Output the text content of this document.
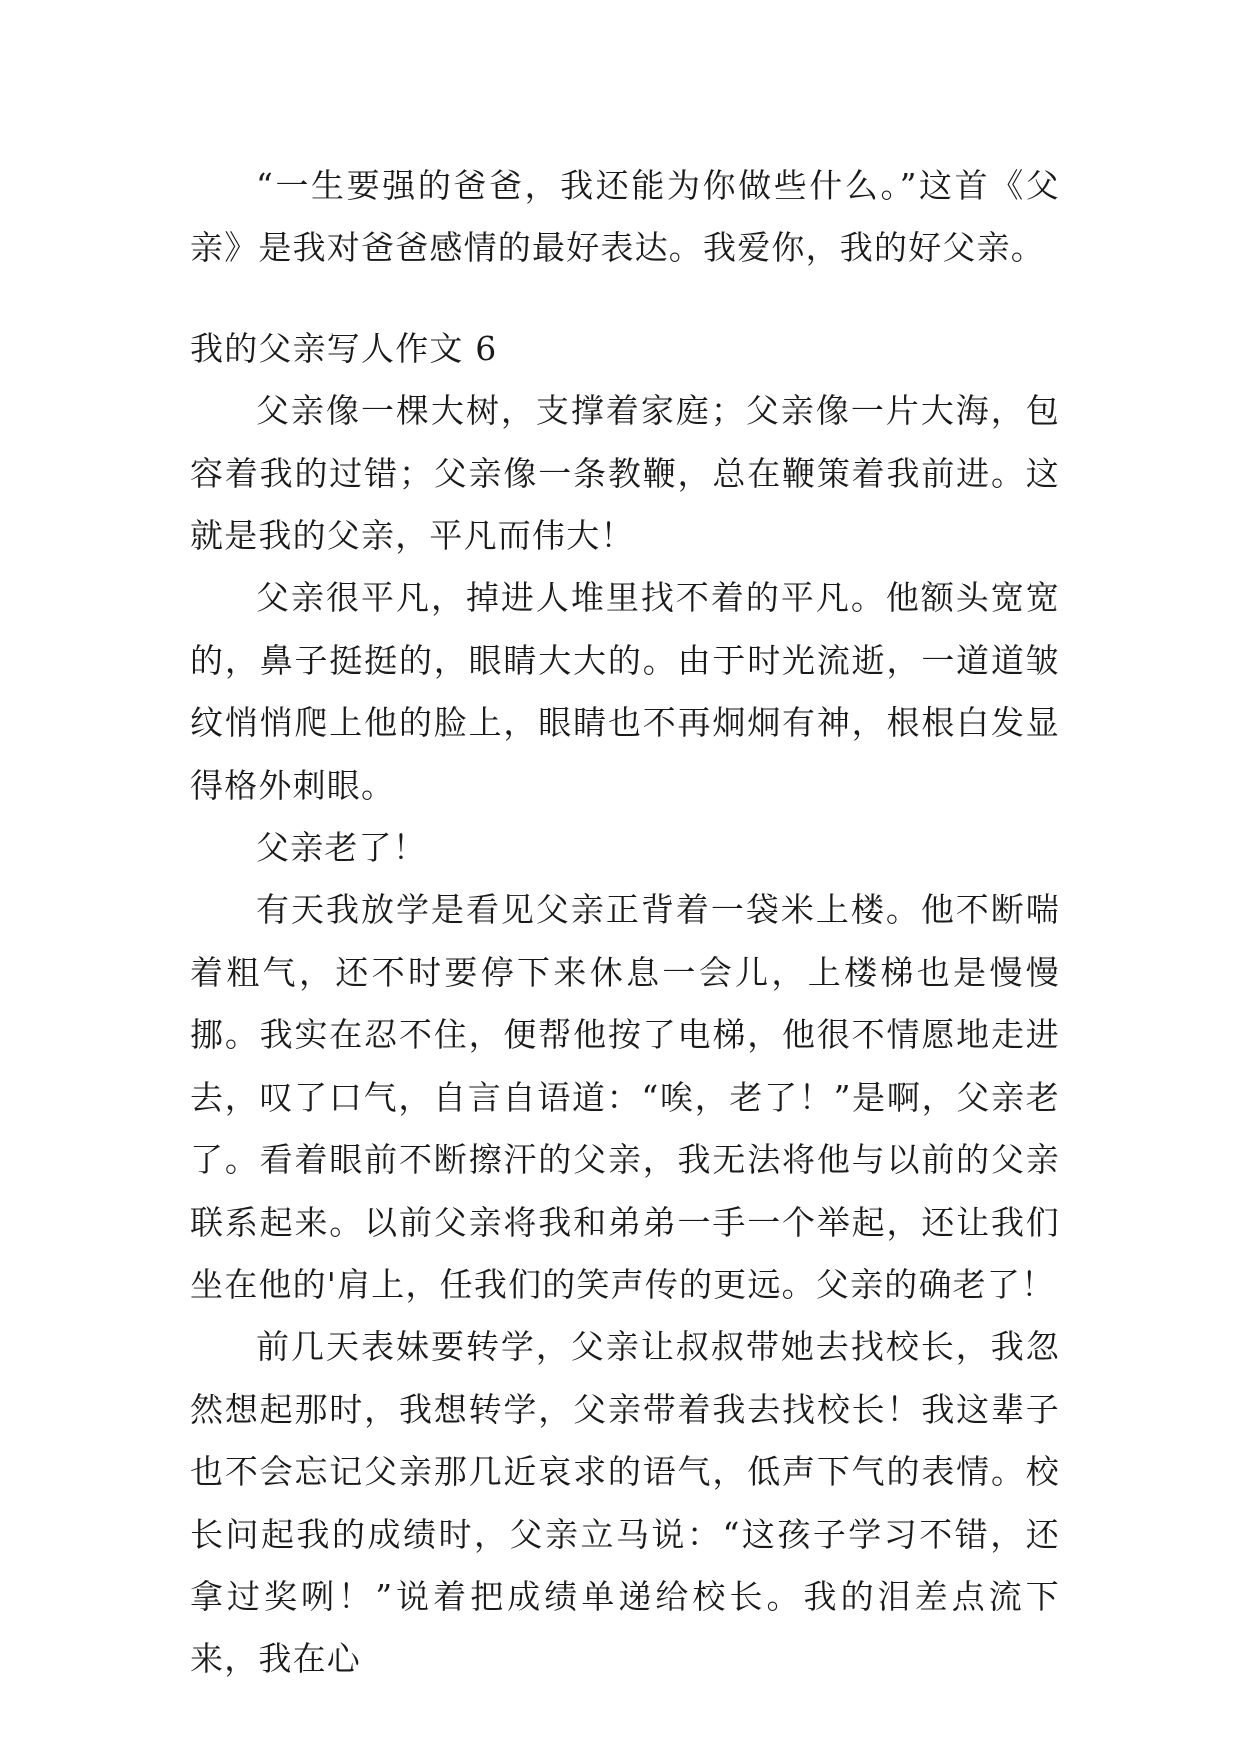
“一生要强的爸爸，我还能为你做些什么。”这首《父亲》是我对爸爸感情的最好表达。我爱你，我的好父亲。

我的父亲写人作文 6

父亲像一棵大树，支撑着家庭；父亲像一片大海，包容着我的过错；父亲像一条教鞭，总在鞭策着我前进。这就是我的父亲，平凡而伟大！

父亲很平凡，掉进人堆里找不着的平凡。他额头宽宽的，鼻子挺挺的，眼睛大大的。由于时光流逝，一道道皱纹悄悄爬上他的脸上，眼睛也不再炯炯有神，根根白发显得格外刺眼。

父亲老了！

有天我放学是看见父亲正背着一袋米上楼。他不断喘着粗气，还不时要停下来休息一会儿，上楼梯也是慢慢挪。我实在忍不住，便帮他按了电梯，他很不情愿地走进去，叹了口气，自言自语道：“唉，老了！”是啊，父亲老了。看着眼前不断擦汗的父亲，我无法将他与以前的父亲联系起来。以前父亲将我和弟弟一手一个举起，还让我们坐在他的'肩上，任我们的笑声传的更远。父亲的确老了！

前几天表妹要转学，父亲让叔叔带她去找校长，我忽然想起那时，我想转学，父亲带着我去找校长！我这辈子也不会忘记父亲那几近哀求的语气，低声下气的表情。校长问起我的成绩时，父亲立马说：“这孩子学习不错，还拿过奖咧！”说着把成绩单递给校长。我的泪差点流下来，我在心
